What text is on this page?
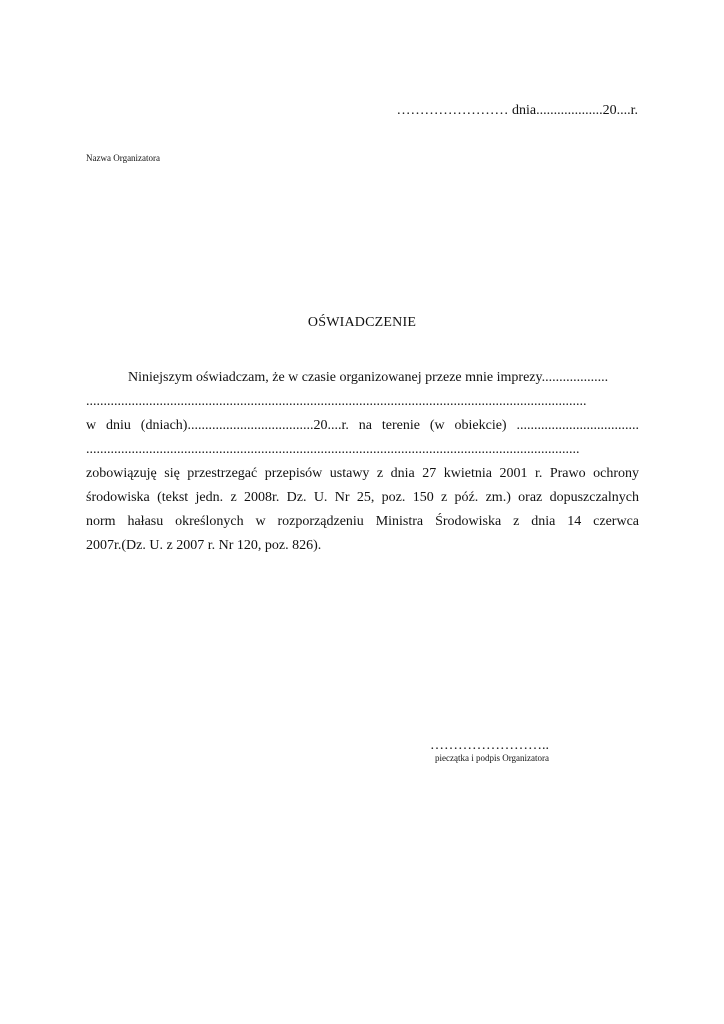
…………………… dnia...................20....r.
Nazwa Organizatora
OŚWIADCZENIE
Niniejszym oświadczam, że w czasie organizowanej przeze mnie imprezy...................
...............................................................................................................................................
w dniu (dniach)....................................20....r. na terenie (w obiekcie) ...................................
.............................................................................................................................................
zobowiązuję się przestrzegać przepisów ustawy z dnia 27 kwietnia 2001 r. Prawo ochrony
środowiska (tekst jedn. z 2008r. Dz. U. Nr 25, poz. 150 z póź. zm.) oraz dopuszczalnych
norm hałasu określonych w rozporządzeniu Ministra Środowiska z dnia 14 czerwca
2007r.(Dz. U. z 2007 r. Nr 120, poz. 826).
……………………..
pieczątka i podpis Organizatora
